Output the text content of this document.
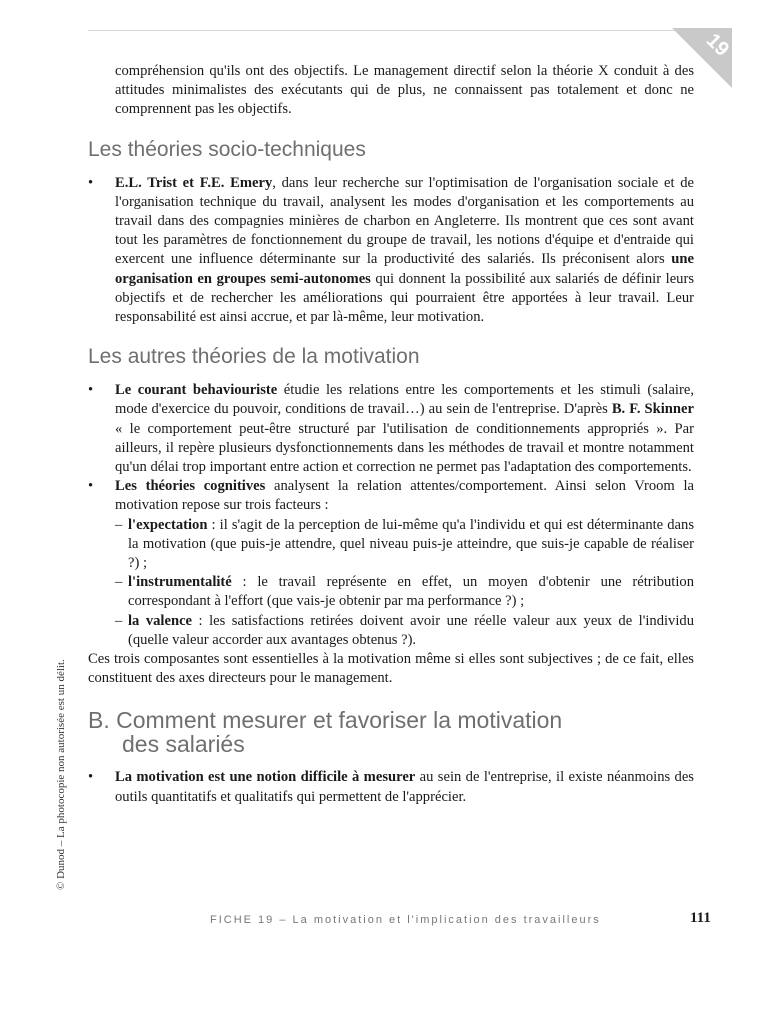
19

compréhension qu'ils ont des objectifs. Le management directif selon la théorie X conduit à des attitudes minimalistes des exécutants qui de plus, ne connaissent pas totalement et donc ne comprennent pas les objectifs.

Les théories socio-techniques
• E.L. Trist et F.E. Emery, dans leur recherche sur l'optimisation de l'organisation sociale et de l'organisation technique du travail, analysent les modes d'organisation et les comportements au travail dans des compagnies minières de charbon en Angleterre. Ils montrent que ces sont avant tout les paramètres de fonctionnement du groupe de travail, les notions d'équipe et d'entraide qui exercent une influence déterminante sur la productivité des salariés. Ils préconisent alors une organisation en groupes semi-autonomes qui donnent la possibilité aux salariés de définir leurs objectifs et de rechercher les améliorations qui pourraient être apportées à leur travail. Leur responsabilité est ainsi accrue, et par là-même, leur motivation.
Les autres théories de la motivation
• Le courant behaviouriste étudie les relations entre les comportements et les stimuli (salaire, mode d'exercice du pouvoir, conditions de travail…) au sein de l'entreprise. D'après B. F. Skinner « le comportement peut-être structuré par l'utilisation de conditionnements appropriés ». Par ailleurs, il repère plusieurs dysfonctionnements dans les méthodes de travail et montre notamment qu'un délai trop important entre action et correction ne permet pas l'adaptation des comportements.
• Les théories cognitives analysent la relation attentes/comportement. Ainsi selon Vroom la motivation repose sur trois facteurs :
– l'expectation : il s'agit de la perception de lui-même qu'a l'individu et qui est déterminante dans la motivation (que puis-je attendre, quel niveau puis-je atteindre, que suis-je capable de réaliser ?) ;
– l'instrumentalité : le travail représente en effet, un moyen d'obtenir une rétribution correspondant à l'effort (que vais-je obtenir par ma performance ?) ;
– la valence : les satisfactions retirées doivent avoir une réelle valeur aux yeux de l'individu (quelle valeur accorder aux avantages obtenus ?).

Ces trois composantes sont essentielles à la motivation même si elles sont subjectives ; de ce fait, elles constituent des axes directeurs pour le management.

B. Comment mesurer et favoriser la motivation
des salariés
• La motivation est une notion difficile à mesurer au sein de l'entreprise, il existe néanmoins des outils quantitatifs et qualitatifs qui permettent de l'apprécier.
© Dunod – La photocopie non autorisée est un délit.
FICHE 19 – La motivation et l'implication des travailleurs	111
